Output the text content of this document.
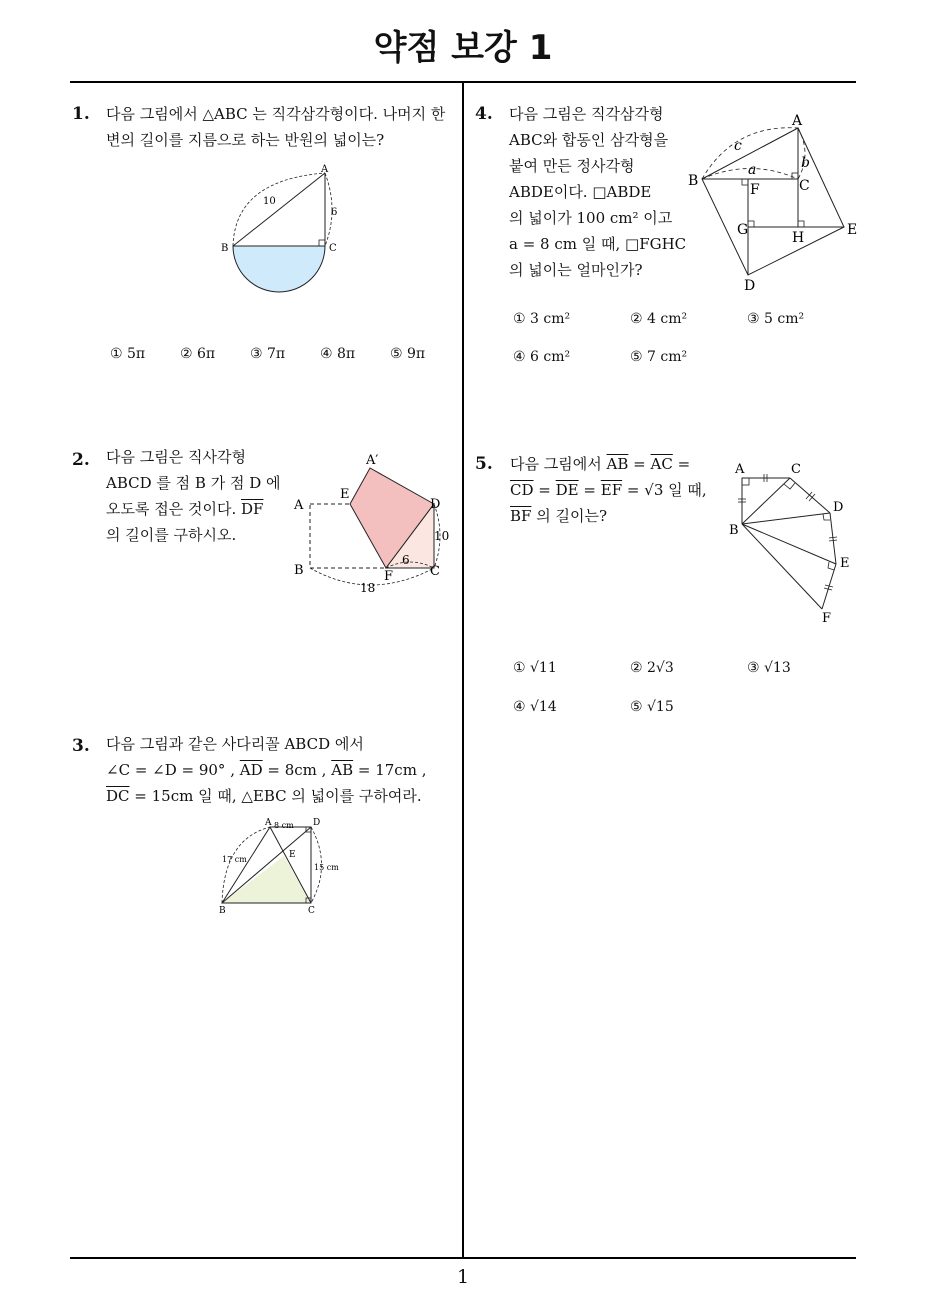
약점 보강 1
1. 다음 그림에서 △ABC 는 직각삼각형이다. 나머지 한
변의 길이를 지름으로 하는 반원의 넓이는?
A
B	C
10
6
① 5π ② 6π ③ 7π ④ 8π ⑤ 9π
2. 다음 그림은 직사각형
ABCD 를 점 B 가 점 D 에
오도록 접은 것이다. $\overline{DF}$
의 길이를 구하시오.
A′
A
E
D
B	F	C
10
6
18
3. 다음 그림과 같은 사다리꼴 ABCD 에서
∠C = ∠D = 90° , $\overline{AD} = 8cm$ , $\overline{AB} = 17cm$ ,
$\overline{DC} = 15cm$ 일 때, △EBC 의 넓이를 구하여라.
A	D
B	C
E
8 cm
17 cm
15 cm
4. 다음 그림은 직각삼각형
ABC와 합동인 삼각형을
붙여 만든 정사각형
ABDE이다. □ABDE
의 넓이가 100 cm² 이고
a = 8 cm 일 때, □FGHC
의 넓이는 얼마인가?
A
B	C
F
G	H	E
D
a	b
c
① 3 cm²	② 4 cm²	③ 5 cm²
④ 6 cm²	⑤ 7 cm²
5. 다음 그림에서 $\overline{AB} = \overline{AC}$ =
$\overline{CD} = \overline{DE} = \overline{EF} = √3$ 일 때,
$\overline{BF}$ 의 길이는?
A	C
D
B
E
F
① √11	② 2√3	③ √13
④ √14	⑤ √15
1
